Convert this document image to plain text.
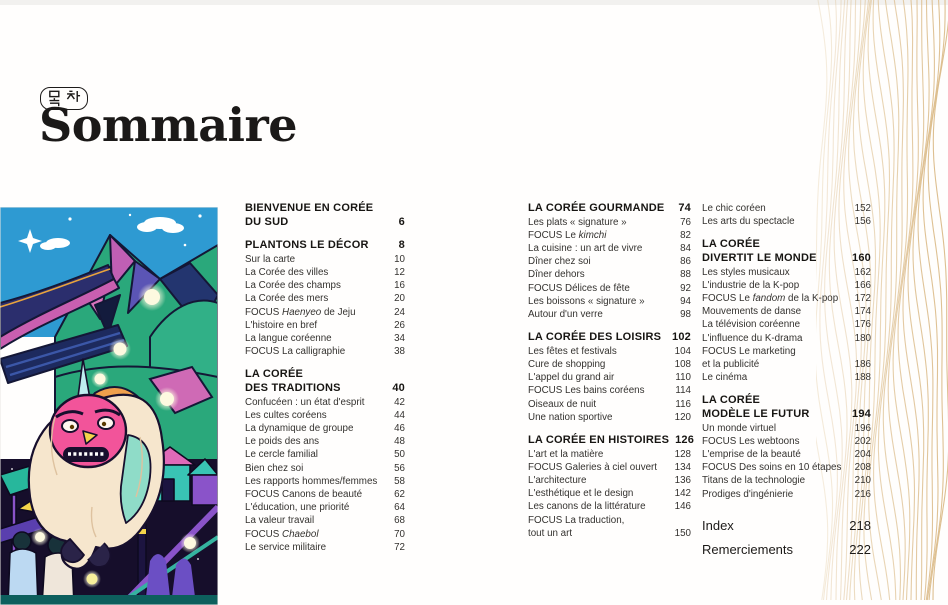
Sommaire
BIENVENUE EN CORÉE
DU SUD	6
PLANTONS LE DÉCOR	8
Sur la carte	10
La Corée des villes	12
La Corée des champs	16
La Corée des mers	20
FOCUS Haenyeo de Jeju	24
L'histoire en bref	26
La langue coréenne	34
FOCUS La calligraphie	38
LA CORÉE
DES TRADITIONS	40
Confucéen : un état d'esprit	42
Les cultes coréens	44
La dynamique de groupe	46
Le poids des ans	48
Le cercle familial	50
Bien chez soi	56
Les rapports hommes/femmes 58
FOCUS Canons de beauté	62
L'éducation, une priorité	64
La valeur travail	68
FOCUS Chaebol	70
Le service militaire	72
LA CORÉE GOURMANDE 74
Les plats « signature »	76
FOCUS Le kimchi	82
La cuisine : un art de vivre	84
Dîner chez soi	86
Dîner dehors	88
FOCUS Délices de fête	92
Les boissons « signature »	94
Autour d'un verre	98
LA CORÉE DES LOISIRS 102
Les fêtes et festivals	104
Cure de shopping	108
L'appel du grand air	110
FOCUS Les bains coréens	114
Oiseaux de nuit	116
Une nation sportive	120
LA CORÉE EN HISTOIRES 126
L'art et la matière	128
FOCUS Galeries à ciel ouvert 134
L'architecture	136
L'esthétique et le design	142
Les canons de la littérature	146
FOCUS La traduction,
tout un art	150
Le chic coréen	152
Les arts du spectacle	156
LA CORÉE
DIVERTIT LE MONDE	160
Les styles musicaux	162
L'industrie de la K-pop	166
FOCUS Le fandom de la K-pop 172
Mouvements de danse	174
La télévision coréenne	176
L'influence du K-drama	180
FOCUS Le marketing
et la publicité	186
Le cinéma	188
LA CORÉE
MODÈLE LE FUTUR	194
Un monde virtuel	196
FOCUS Les webtoons	202
L'emprise de la beauté	204
FOCUS Des soins en 10 étapes 208
Titans de la technologie	210
Prodiges d'ingénierie	216
Index	218
Remerciements	222
